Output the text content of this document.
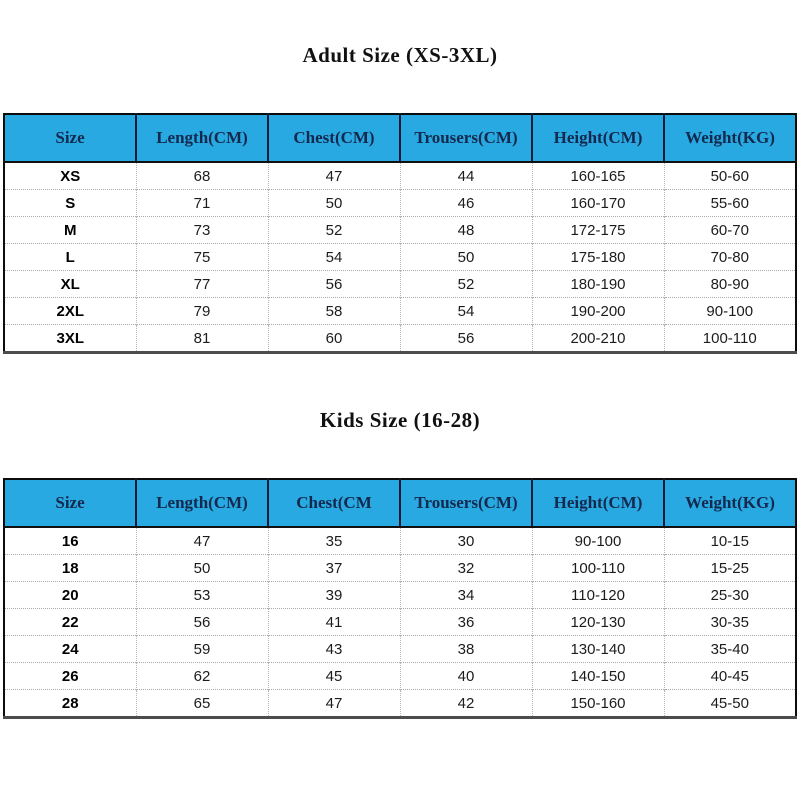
Adult Size (XS-3XL)
Size	Length(CM)	Chest(CM)	Trousers(CM)	Height(CM)	Weight(KG)
XS	68	47	44	160-165	50-60
S	71	50	46	160-170	55-60
M	73	52	48	172-175	60-70
L	75	54	50	175-180	70-80
XL	77	56	52	180-190	80-90
2XL	79	58	54	190-200	90-100
3XL	81	60	56	200-210	100-110
Kids Size (16-28)
Size	Length(CM)	Chest(CM	Trousers(CM)	Height(CM)	Weight(KG)
16	47	35	30	90-100	10-15
18	50	37	32	100-110	15-25
20	53	39	34	110-120	25-30
22	56	41	36	120-130	30-35
24	59	43	38	130-140	35-40
26	62	45	40	140-150	40-45
28	65	47	42	150-160	45-50
